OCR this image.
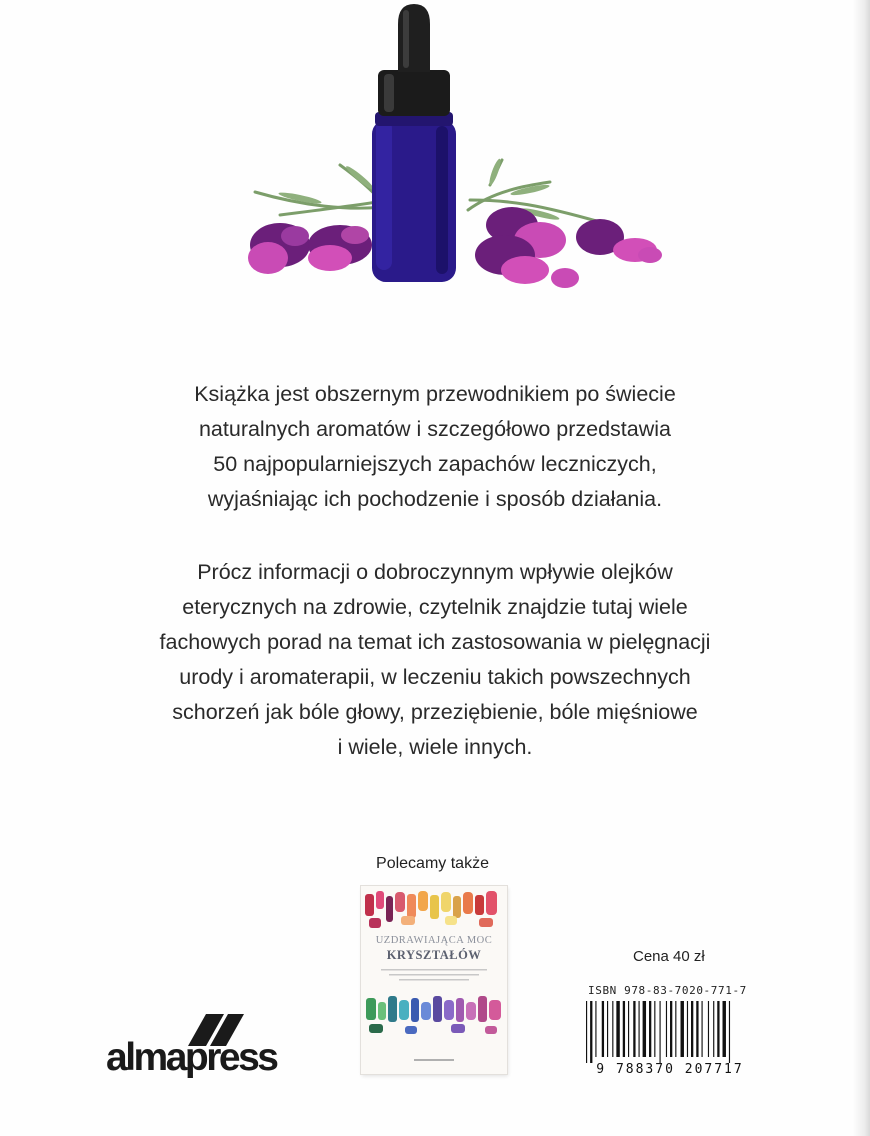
Książka jest obszernym przewodnikiem po świecie
naturalnych aromatów i szczegółowo przedstawia
50 najpopularniejszych zapachów leczniczych,
wyjaśniając ich pochodzenie i sposób działania.

Prócz informacji o dobroczynnym wpływie olejków
eterycznych na zdrowie, czytelnik znajdzie tutaj wiele
fachowych porad na temat ich zastosowania w pielęgnacji
urody i aromaterapii, w leczeniu takich powszechnych
schorzeń jak bóle głowy, przeziębienie, bóle mięśniowe
i wiele, wiele innych.

Polecamy także
UZDRAWIAJĄCA MOC
KRYSZTAŁÓW
almapress
Cena 40 zł
ISBN 978-83-7020-771-7
9 788370 207717
